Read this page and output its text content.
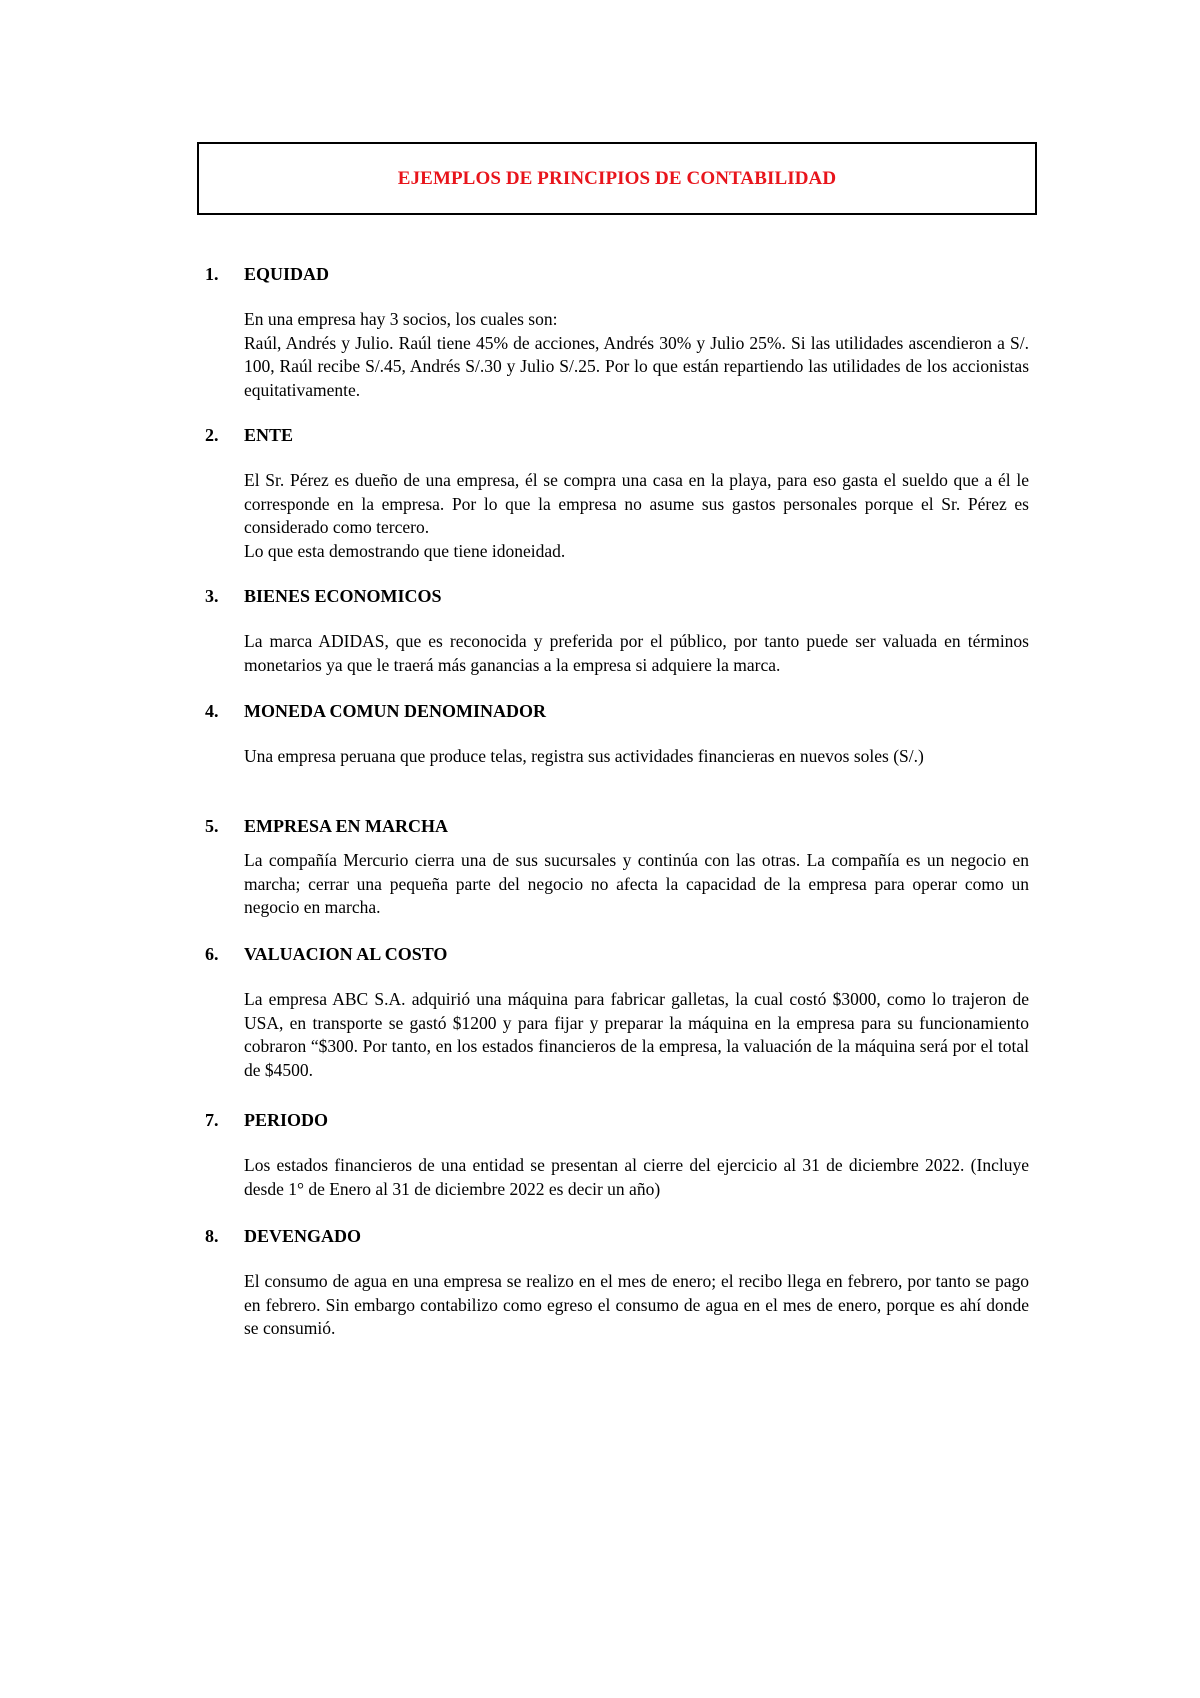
EJEMPLOS DE PRINCIPIOS DE CONTABILIDAD
1. EQUIDAD

En una empresa hay 3 socios, los cuales son:

Raúl, Andrés y Julio. Raúl tiene 45% de acciones, Andrés 30% y Julio 25%. Si las utilidades ascendieron a S/. 100, Raúl recibe S/.45, Andrés S/.30 y Julio S/.25. Por lo que están repartiendo las utilidades de los accionistas equitativamente.

2. ENTE

El Sr. Pérez es dueño de una empresa, él se compra una casa en la playa, para eso gasta el sueldo que a él le corresponde en la empresa. Por lo que la empresa no asume sus gastos personales porque el Sr. Pérez es considerado como tercero.

Lo que esta demostrando que tiene idoneidad.

3. BIENES ECONOMICOS

La marca ADIDAS, que es reconocida y preferida por el público, por tanto puede ser valuada en términos monetarios ya que le traerá más ganancias a la empresa si adquiere la marca.

4. MONEDA COMUN DENOMINADOR

Una empresa peruana que produce telas, registra sus actividades financieras en nuevos soles (S/.)

5. EMPRESA EN MARCHA

La compañía Mercurio cierra una de sus sucursales y continúa con las otras. La compañía es un negocio en marcha; cerrar una pequeña parte del negocio no afecta la capacidad de la empresa para operar como un negocio en marcha.

6. VALUACION AL COSTO

La empresa ABC S.A. adquirió una máquina para fabricar galletas, la cual costó $3000, como lo trajeron de USA, en transporte se gastó $1200 y para fijar y preparar la máquina en la empresa para su funcionamiento cobraron “$300. Por tanto, en los estados financieros de la empresa, la valuación de la máquina será por el total de $4500.

7. PERIODO

Los estados financieros de una entidad se presentan al cierre del ejercicio al 31 de diciembre 2022. (Incluye desde 1° de Enero al 31 de diciembre 2022 es decir un año)

8. DEVENGADO

El consumo de agua en una empresa se realizo en el mes de enero; el recibo llega en febrero, por tanto se pago en febrero. Sin embargo contabilizo como egreso el consumo de agua en el mes de enero, porque es ahí donde se consumió.
